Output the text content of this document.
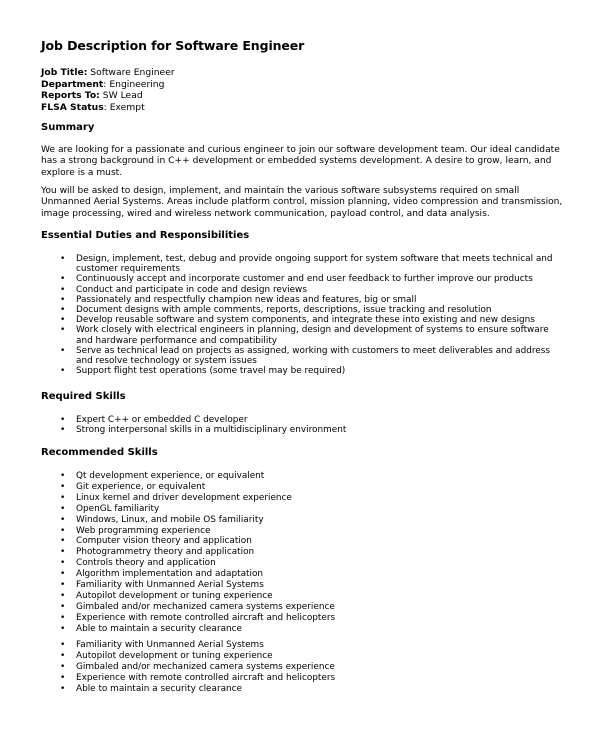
Job Description for Software Engineer
Job Title: Software Engineer
Department: Engineering
Reports To: SW Lead
FLSA Status: Exempt
Summary
We are looking for a passionate and curious engineer to join our software development team. Our ideal candidate has a strong background in C++ development or embedded systems development. A desire to grow, learn, and explore is a must.
You will be asked to design, implement, and maintain the various software subsystems required on small Unmanned Aerial Systems. Areas include platform control, mission planning, video compression and transmission, image processing, wired and wireless network communication, payload control, and data analysis.
Essential Duties and Responsibilities
• Design, implement, test, debug and provide ongoing support for system software that meets technical and customer requirements
• Continuously accept and incorporate customer and end user feedback to further improve our products
• Conduct and participate in code and design reviews
• Passionately and respectfully champion new ideas and features, big or small
• Document designs with ample comments, reports, descriptions, issue tracking and resolution
• Develop reusable software and system components, and integrate these into existing and new designs
• Work closely with electrical engineers in planning, design and development of systems to ensure software and hardware performance and compatibility
• Serve as technical lead on projects as assigned, working with customers to meet deliverables and address and resolve technology or system issues
• Support flight test operations (some travel may be required)
Required Skills
• Expert C++ or embedded C developer
• Strong interpersonal skills in a multidisciplinary environment
Recommended Skills
• Qt development experience, or equivalent
• Git experience, or equivalent
• Linux kernel and driver development experience
• OpenGL familiarity
• Windows, Linux, and mobile OS familiarity
• Web programming experience
• Computer vision theory and application
• Photogrammetry theory and application
• Controls theory and application
• Algorithm implementation and adaptation
• Familiarity with Unmanned Aerial Systems
• Autopilot development or tuning experience
• Gimbaled and/or mechanized camera systems experience
• Experience with remote controlled aircraft and helicopters
• Able to maintain a security clearance
• Familiarity with Unmanned Aerial Systems
• Autopilot development or tuning experience
• Gimbaled and/or mechanized camera systems experience
• Experience with remote controlled aircraft and helicopters
• Able to maintain a security clearance
